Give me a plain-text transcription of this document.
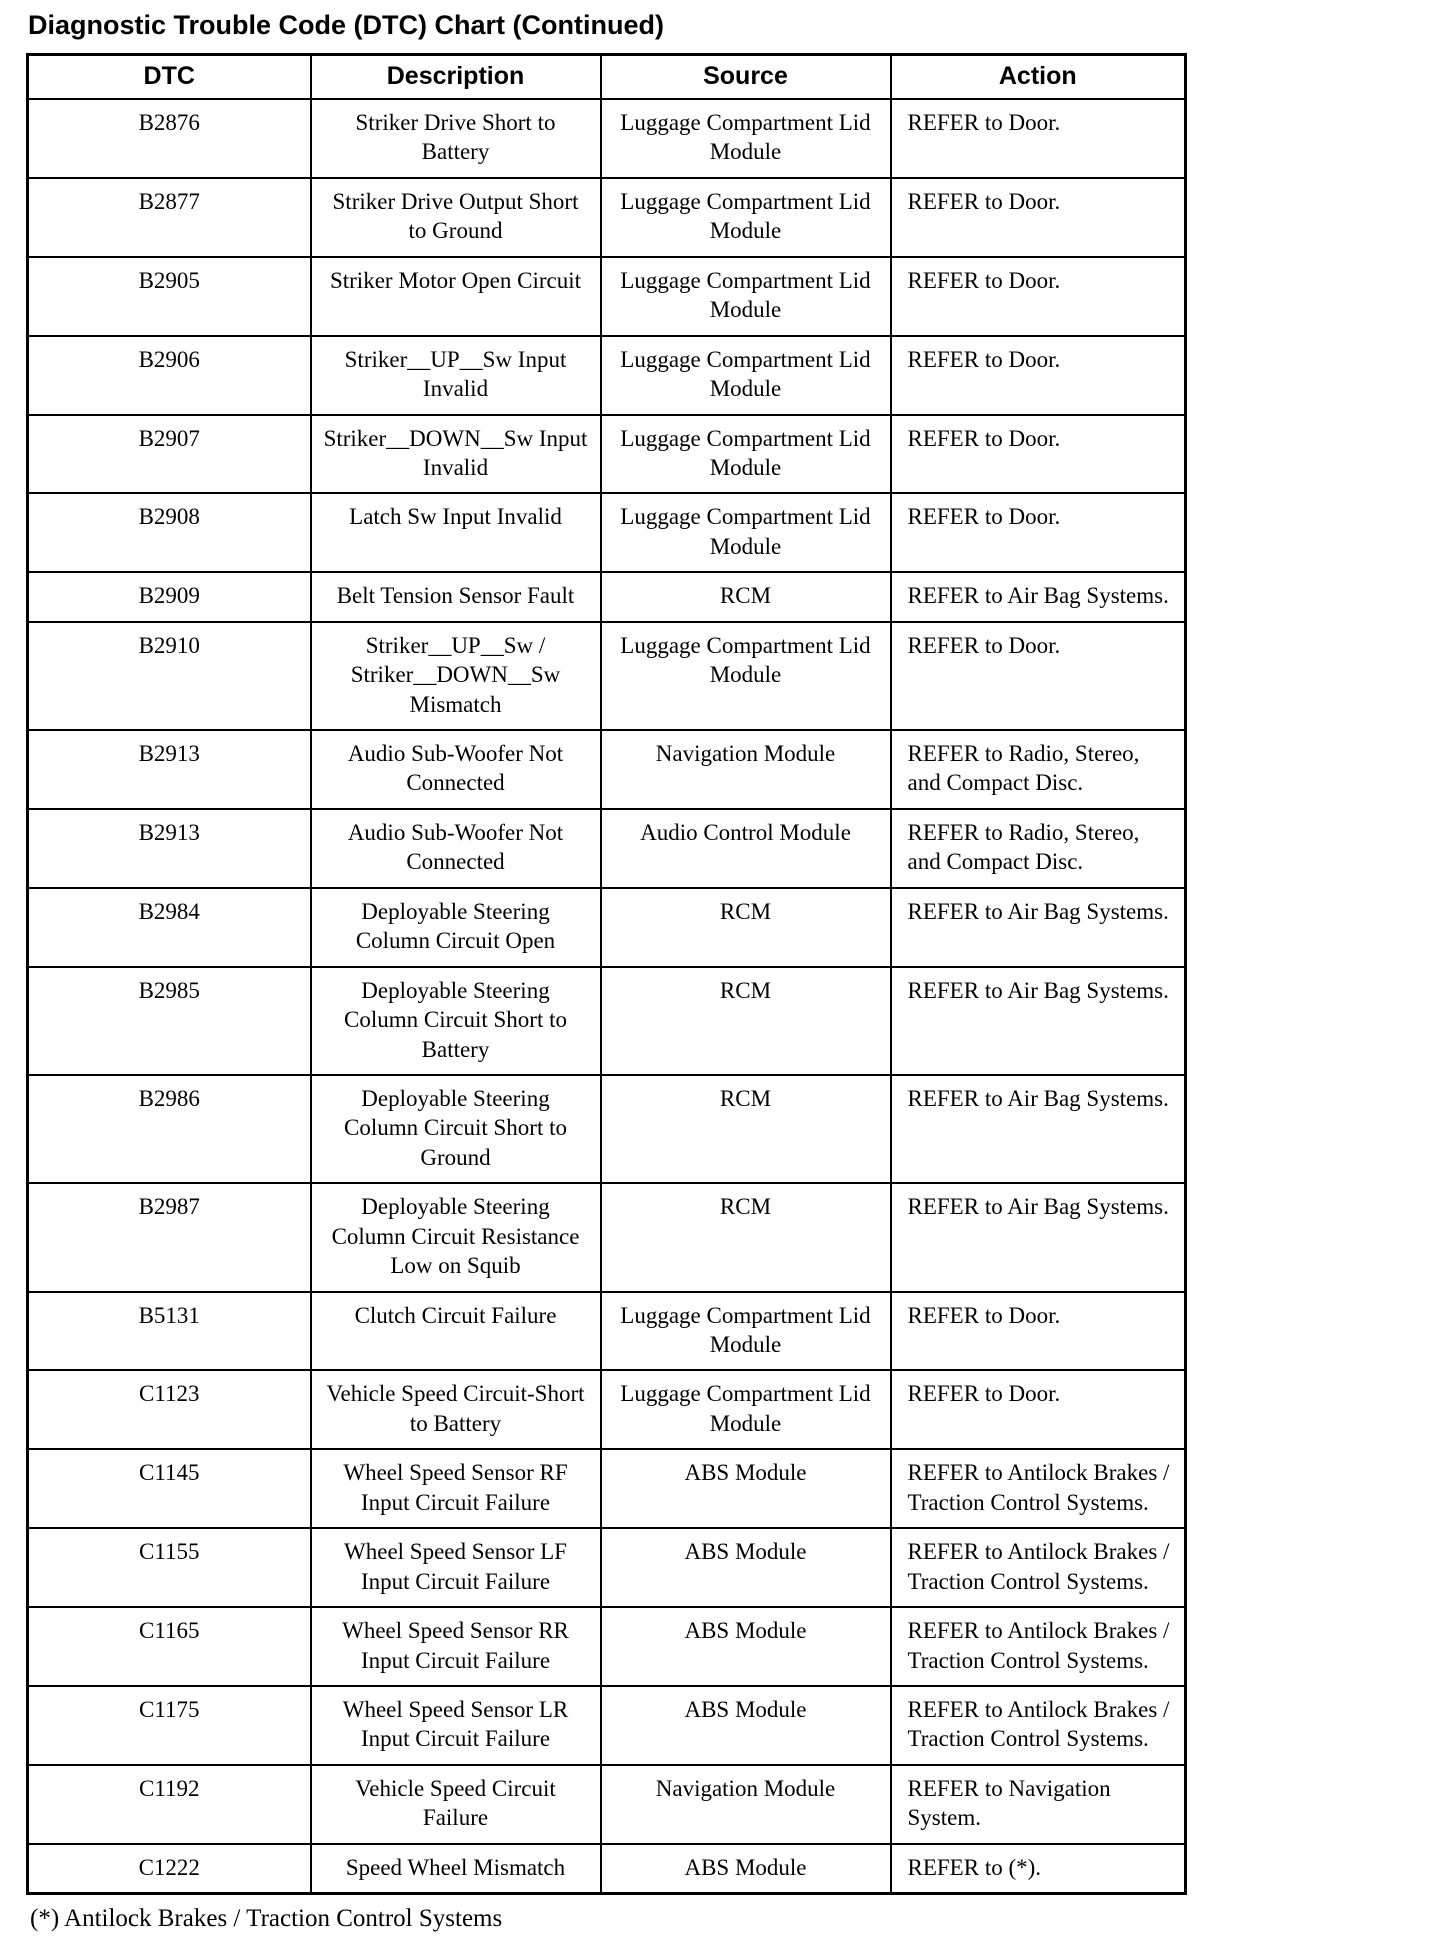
Diagnostic Trouble Code (DTC) Chart (Continued)
DTC	Description	Source	Action
B2876	Striker Drive Short to Battery	Luggage Compartment Lid Module	REFER to Door.
B2877	Striker Drive Output Short to Ground	Luggage Compartment Lid Module	REFER to Door.
B2905	Striker Motor Open Circuit	Luggage Compartment Lid Module	REFER to Door.
B2906	Striker__UP__Sw Input Invalid	Luggage Compartment Lid Module	REFER to Door.
B2907	Striker__DOWN__Sw Input Invalid	Luggage Compartment Lid Module	REFER to Door.
B2908	Latch Sw Input Invalid	Luggage Compartment Lid Module	REFER to Door.
B2909	Belt Tension Sensor Fault	RCM	REFER to Air Bag Systems.
B2910	Striker__UP__Sw / Striker__DOWN__Sw Mismatch	Luggage Compartment Lid Module	REFER to Door.
B2913	Audio Sub-Woofer Not Connected	Navigation Module	REFER to Radio, Stereo, and Compact Disc.
B2913	Audio Sub-Woofer Not Connected	Audio Control Module	REFER to Radio, Stereo, and Compact Disc.
B2984	Deployable Steering Column Circuit Open	RCM	REFER to Air Bag Systems.
B2985	Deployable Steering Column Circuit Short to Battery	RCM	REFER to Air Bag Systems.
B2986	Deployable Steering Column Circuit Short to Ground	RCM	REFER to Air Bag Systems.
B2987	Deployable Steering Column Circuit Resistance Low on Squib	RCM	REFER to Air Bag Systems.
B5131	Clutch Circuit Failure	Luggage Compartment Lid Module	REFER to Door.
C1123	Vehicle Speed Circuit-Short to Battery	Luggage Compartment Lid Module	REFER to Door.
C1145	Wheel Speed Sensor RF Input Circuit Failure	ABS Module	REFER to Antilock Brakes / Traction Control Systems.
C1155	Wheel Speed Sensor LF Input Circuit Failure	ABS Module	REFER to Antilock Brakes / Traction Control Systems.
C1165	Wheel Speed Sensor RR Input Circuit Failure	ABS Module	REFER to Antilock Brakes / Traction Control Systems.
C1175	Wheel Speed Sensor LR Input Circuit Failure	ABS Module	REFER to Antilock Brakes / Traction Control Systems.
C1192	Vehicle Speed Circuit Failure	Navigation Module	REFER to Navigation System.
C1222	Speed Wheel Mismatch	ABS Module	REFER to (*).
(*) Antilock Brakes / Traction Control Systems
